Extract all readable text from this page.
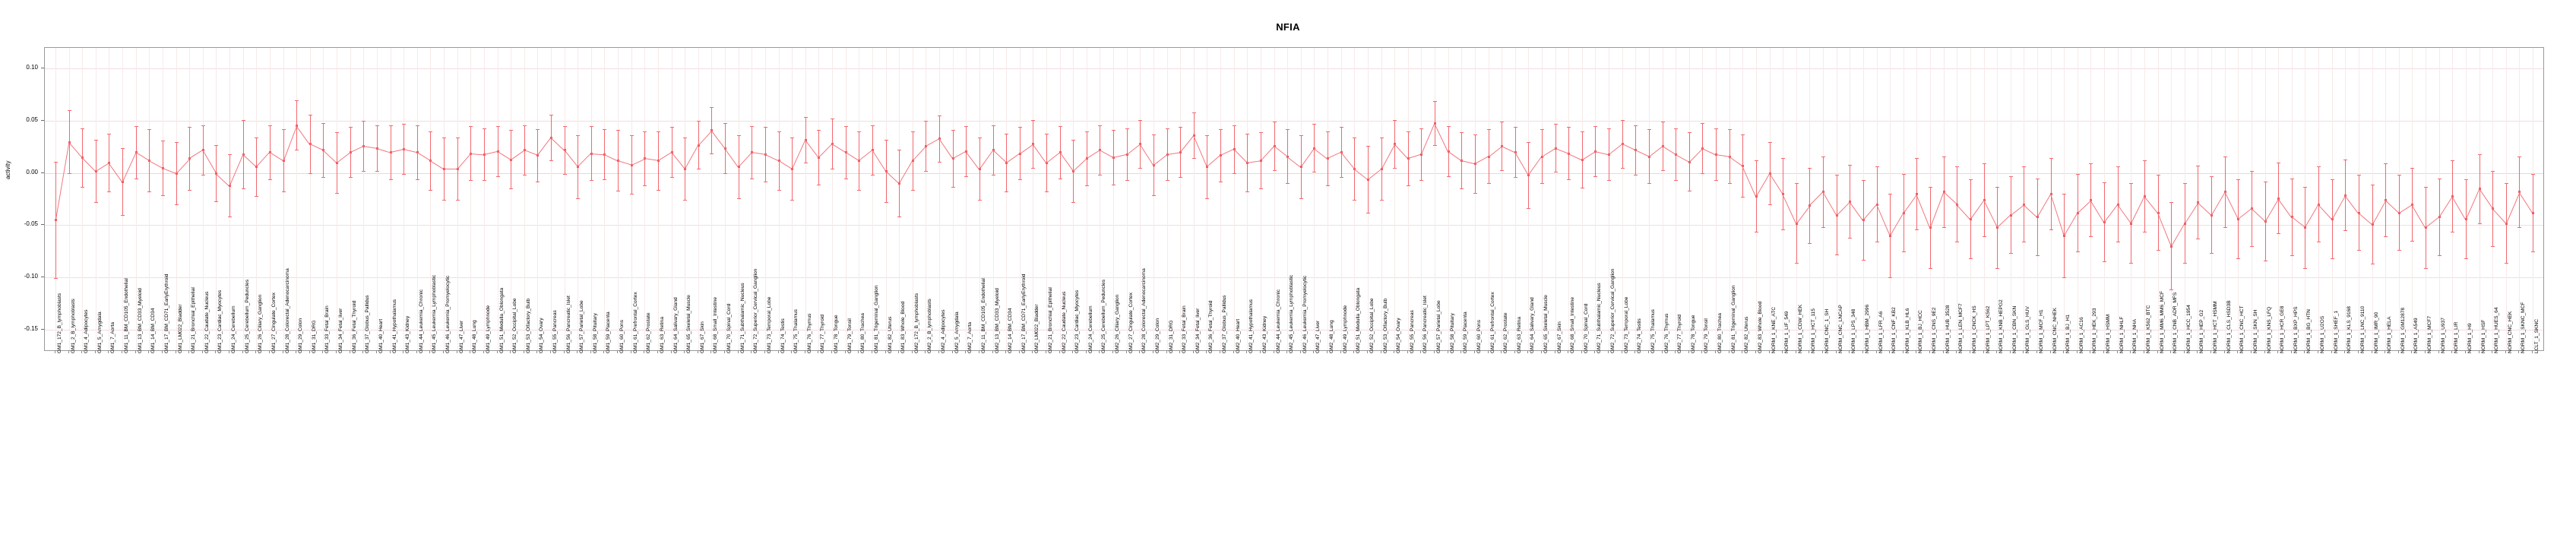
NFIA
activity
0.10
0.05
0.00
-0.05
-0.10
-0.15	GM1_172_B_lymphoblasts GM1_2_B_lymphoblasts GM1_4_Adipocytes GM1_5_Amygdala GM1_7_Aorta GM1_11_BM_CD105_Endothelial GM1_13_BM_CD33_Myeloid GM1_14_BM_CD34 GM1_17_BM_CD71_EarlyErythroid GM1_LM022_Bladder GM1_21_Bronchial_Epithelial GM1_22_Caudate_Nucleus GM1_23_Cardiac_Myocytes GM1_24_Cerebellum GM1_25_Cerebellum_Peduncles GM1_26_Ciliary_Ganglion GM1_27_Cingulate_Cortex GM1_28_Colorectal_Adenocarcinoma GM1_29_Colon GM1_31_DRG GM1_33_Fetal_Brain GM1_34_Fetal_liver GM1_36_Fetal_Thyroid GM1_37_Globus_Pallidus GM1_40_Heart GM1_41_Hypothalamus GM1_43_Kidney GM1_44_Leukemia_Chronic GM1_45_Leukemia_Lymphoblastic GM1_46_Leukemia_Promyelocytic GM1_47_Liver GM1_48_Lung GM1_49_Lymphnode GM1_51_Medulla_Oblongata GM1_52_Occipital_Lobe GM1_53_Olfactory_Bulb GM1_54_Ovary GM1_55_Pancreas GM1_56_Pancreatic_Islet GM1_57_Parietal_Lobe GM1_58_Pituitary GM1_59_Placenta GM1_60_Pons GM1_61_Prefrontal_Cortex GM1_62_Prostate GM1_63_Retina GM1_64_Salivary_Gland GM1_65_Skeletal_Muscle GM1_67_Skin GM1_68_Small_Intestine GM1_70_Spinal_Cord GM1_71_Subthalamic_Nucleus GM1_72_Superior_Cervical_Ganglion GM1_73_Temporal_Lobe GM1_74_Testis GM1_75_Thalamus GM1_76_Thymus GM1_77_Thyroid GM1_78_Tongue GM1_79_Tonsil GM1_80_Trachea GM1_81_Trigeminal_Ganglion GM1_82_Uterus GM1_83_Whole_Blood GM2_172_B_lymphoblasts GM2_2_B_lymphoblasts GM2_4_Adipocytes GM2_5_Amygdala GM2_7_Aorta GM2_11_BM_CD105_Endothelial GM2_13_BM_CD33_Myeloid GM2_14_BM_CD34 GM2_17_BM_CD71_EarlyErythroid GM2_LM022_Bladder GM2_21_Bronchial_Epithelial GM2_22_Caudate_Nucleus GM2_23_Cardiac_Myocytes GM2_24_Cerebellum GM2_25_Cerebellum_Peduncles GM2_26_Ciliary_Ganglion GM2_27_Cingulate_Cortex GM2_28_Colorectal_Adenocarcinoma GM2_29_Colon GM2_31_DRG GM2_33_Fetal_Brain GM2_34_Fetal_liver GM2_36_Fetal_Thyroid GM2_37_Globus_Pallidus GM2_40_Heart GM2_41_Hypothalamus GM2_43_Kidney GM2_44_Leukemia_Chronic GM2_45_Leukemia_Lymphoblastic GM2_46_Leukemia_Promyelocytic GM2_47_Liver GM2_48_Lung GM2_49_Lymphnode GM2_51_Medulla_Oblongata GM2_52_Occipital_Lobe GM2_53_Olfactory_Bulb GM2_54_Ovary GM2_55_Pancreas GM2_56_Pancreatic_Islet GM2_57_Parietal_Lobe GM2_58_Pituitary GM2_59_Placenta GM2_60_Pons GM2_61_Prefrontal_Cortex GM2_62_Prostate GM2_63_Retina GM2_64_Salivary_Gland GM2_65_Skeletal_Muscle GM2_67_Skin GM2_68_Small_Intestine GM2_70_Spinal_Cord GM2_71_Subthalamic_Nucleus GM2_72_Superior_Cervical_Ganglion GM2_73_Temporal_Lobe GM2_74_Testis GM2_75_Thalamus GM2_76_Thymus GM2_77_Thyroid GM2_78_Tongue GM2_79_Tonsil GM2_80_Trachea GM2_81_Trigeminal_Ganglion GM2_82_Uterus GM2_83_Whole_Blood NORM_1_KNE_ATC NORM_1_LIF_549 NORM_1_CDW_HEK NORM_1_HCT_115 NORM_CNC_1_SH NORM_CNC_LNCAP NORM_1_LPS_348 NORM_1_HBM_2996 NORM_1_LFR_A6 NORM_1_CNF_KB2 NORM_1_KLB_HL6 NORM_1_BJ_HCC NORM_1_CNS_9E2 NORM_1_HUB_3528 NORM_1_LEN_MCF7 NORM_1_CNCK_HS NORM_1_LPT_K562 NORM_1_KNB_HEPG2 NORM_1_CBN_SKN NORM_1_GLS_HUV NORM_1_MCF_H1 NORM_CNC_NHEK NORM_1_BJ_H1 NORM_1_AC16 NORM_1_HEK_293 NORM_1_HSMM NORM_1_NHLF NORM_1_NHA NORM_1_K562_BTC NORM_1_MM6_MM6_MCF NORM_1_CNB_ADR_MFS NORM_1_HCC_1954 NORM_1_HEP_G2 NORM_1_HCT_HSMM NORM_1_CLS_HSD3B NORM_1_CNC_HCT NORM_1_SKN_SH NORM_1_KNS_LFQ NORM_1_HCR_GE8 NORM_1_BXP_HPS NORM_1_BG_HTN NORM_1_U2OS NORM_1_SHEF_1 NORM_1_KLS_9168 NORM_1_LNC_9110 NORM_1_IMR_90 NORM_1_HELA NORM_1_GM12878 NORM_1_A549 NORM_1_MCF7 NORM_1_U937 NORM_1_LIR NORM_1_H9 NORM_1_HSF NORM_1_HUES_64 NORM_CNC_HEK NORM_1_SKNC_MCF LCLT_1_SKNC
